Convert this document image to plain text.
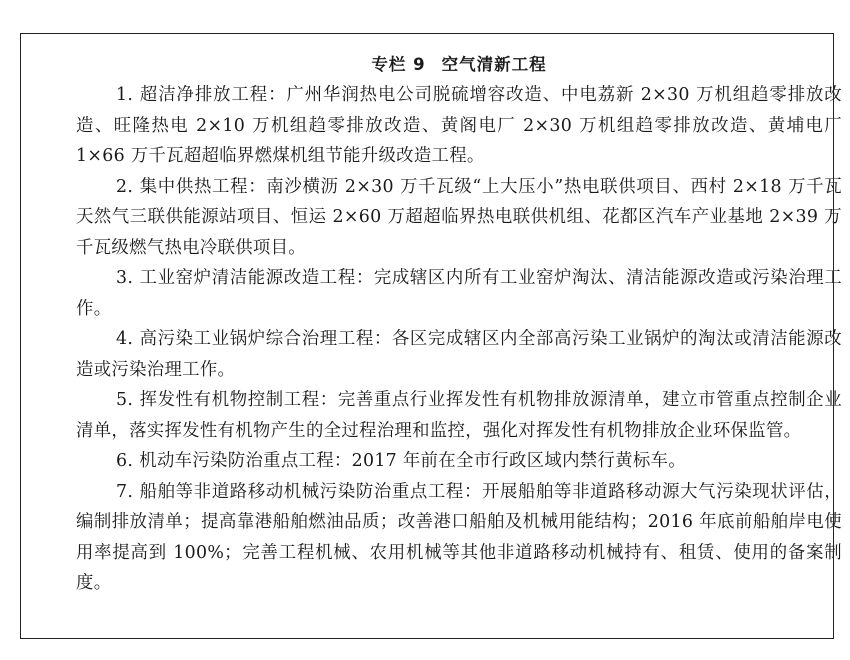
专栏 9 空气清新工程

1. 超洁净排放工程：广州华润热电公司脱硫增容改造、中电荔新 2×30 万机组趋零排放改造、旺隆热电 2×10 万机组趋零排放改造、黄阁电厂 2×30 万机组趋零排放改造、黄埔电厂 1×66 万千瓦超超临界燃煤机组节能升级改造工程。

2. 集中供热工程：南沙横沥 2×30 万千瓦级“上大压小”热电联供项目、西村 2×18 万千瓦天然气三联供能源站项目、恒运 2×60 万超超临界热电联供机组、花都区汽车产业基地 2×39 万千瓦级燃气热电冷联供项目。

3. 工业窑炉清洁能源改造工程：完成辖区内所有工业窑炉淘汰、清洁能源改造或污染治理工作。

4. 高污染工业锅炉综合治理工程：各区完成辖区内全部高污染工业锅炉的淘汰或清洁能源改造或污染治理工作。

5. 挥发性有机物控制工程：完善重点行业挥发性有机物排放源清单，建立市管重点控制企业清单，落实挥发性有机物产生的全过程治理和监控，强化对挥发性有机物排放企业环保监管。

6. 机动车污染防治重点工程：2017 年前在全市行政区域内禁行黄标车。

7. 船舶等非道路移动机械污染防治重点工程：开展船舶等非道路移动源大气污染现状评估，编制排放清单；提高靠港船舶燃油品质；改善港口船舶及机械用能结构；2016 年底前船舶岸电使用率提高到 100%；完善工程机械、农用机械等其他非道路移动机械持有、租赁、使用的备案制度。
